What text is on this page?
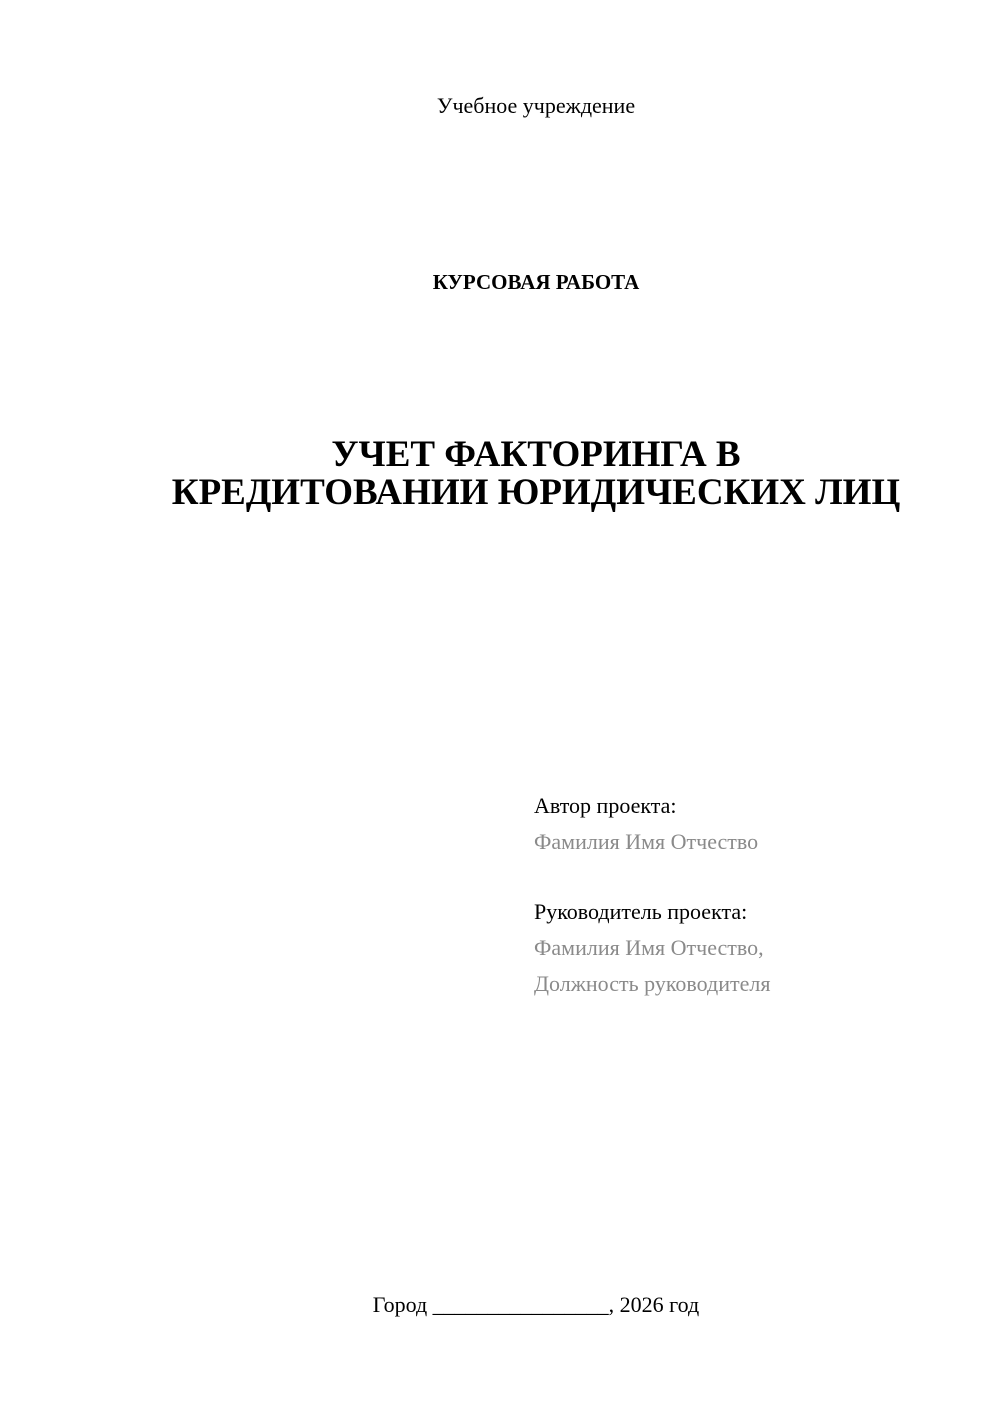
Учебное учреждение
КУРСОВАЯ РАБОТА
УЧЕТ ФАКТОРИНГА В
КРЕДИТОВАНИИ ЮРИДИЧЕСКИХ ЛИЦ
Автор проекта:
Фамилия Имя Отчество
Руководитель проекта:
Фамилия Имя Отчество,
Должность руководителя
Город ________________, 2026 год
